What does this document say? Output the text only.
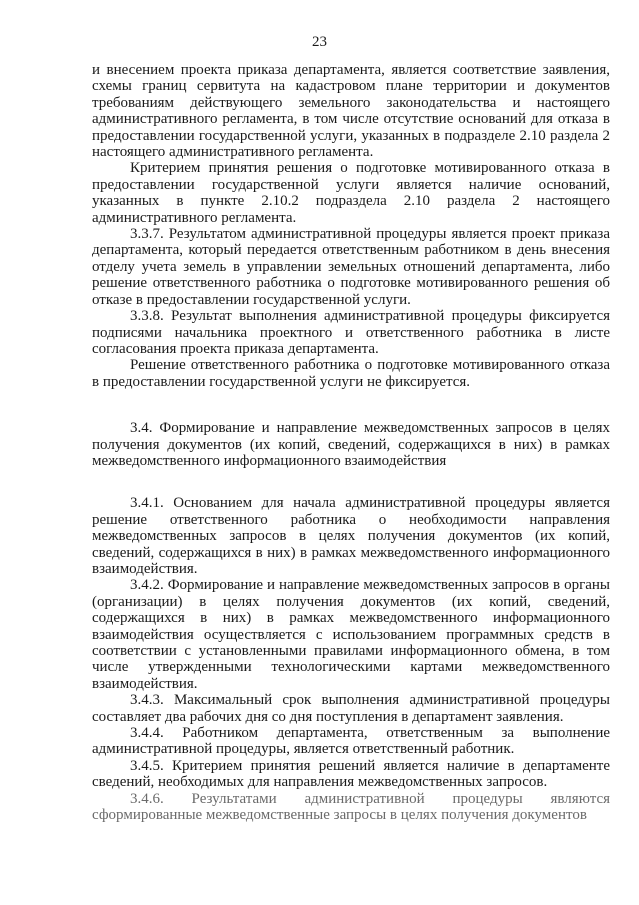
23

и внесением проекта приказа департамента, является соответствие заявления, схемы границ сервитута на кадастровом плане территории и документов требованиям действующего земельного законодательства и настоящего административного регламента, в том числе отсутствие оснований для отказа в предоставлении государственной услуги, указанных в подразделе 2.10 раздела 2 настоящего административного регламента.

Критерием принятия решения о подготовке мотивированного отказа в предоставлении государственной услуги является наличие оснований, указанных в пункте 2.10.2 подраздела 2.10 раздела 2 настоящего административного регламента.

3.3.7. Результатом административной процедуры является проект приказа департамента, который передается ответственным работником в день внесения отделу учета земель в управлении земельных отношений департамента, либо решение ответственного работника о подготовке мотивированного решения об отказе в предоставлении государственной услуги.

3.3.8. Результат выполнения административной процедуры фиксируется подписями начальника проектного и ответственного работника в листе согласования проекта приказа департамента.

Решение ответственного работника о подготовке мотивированного отказа в предоставлении государственной услуги не фиксируется.

3.4. Формирование и направление межведомственных запросов в целях получения документов (их копий, сведений, содержащихся в них) в рамках межведомственного информационного взаимодействия

3.4.1. Основанием для начала административной процедуры является решение ответственного работника о необходимости направления межведомственных запросов в целях получения документов (их копий, сведений, содержащихся в них) в рамках межведомственного информационного взаимодействия.

3.4.2. Формирование и направление межведомственных запросов в органы (организации) в целях получения документов (их копий, сведений, содержащихся в них) в рамках межведомственного информационного взаимодействия осуществляется с использованием программных средств в соответствии с установленными правилами информационного обмена, в том числе утвержденными технологическими картами межведомственного взаимодействия.

3.4.3. Максимальный срок выполнения административной процедуры составляет два рабочих дня со дня поступления в департамент заявления.

3.4.4. Работником департамента, ответственным за выполнение административной процедуры, является ответственный работник.

3.4.5. Критерием принятия решений является наличие в департаменте сведений, необходимых для направления межведомственных запросов.

3.4.6. Результатами административной процедуры являются сформированные межведомственные запросы в целях получения документов
